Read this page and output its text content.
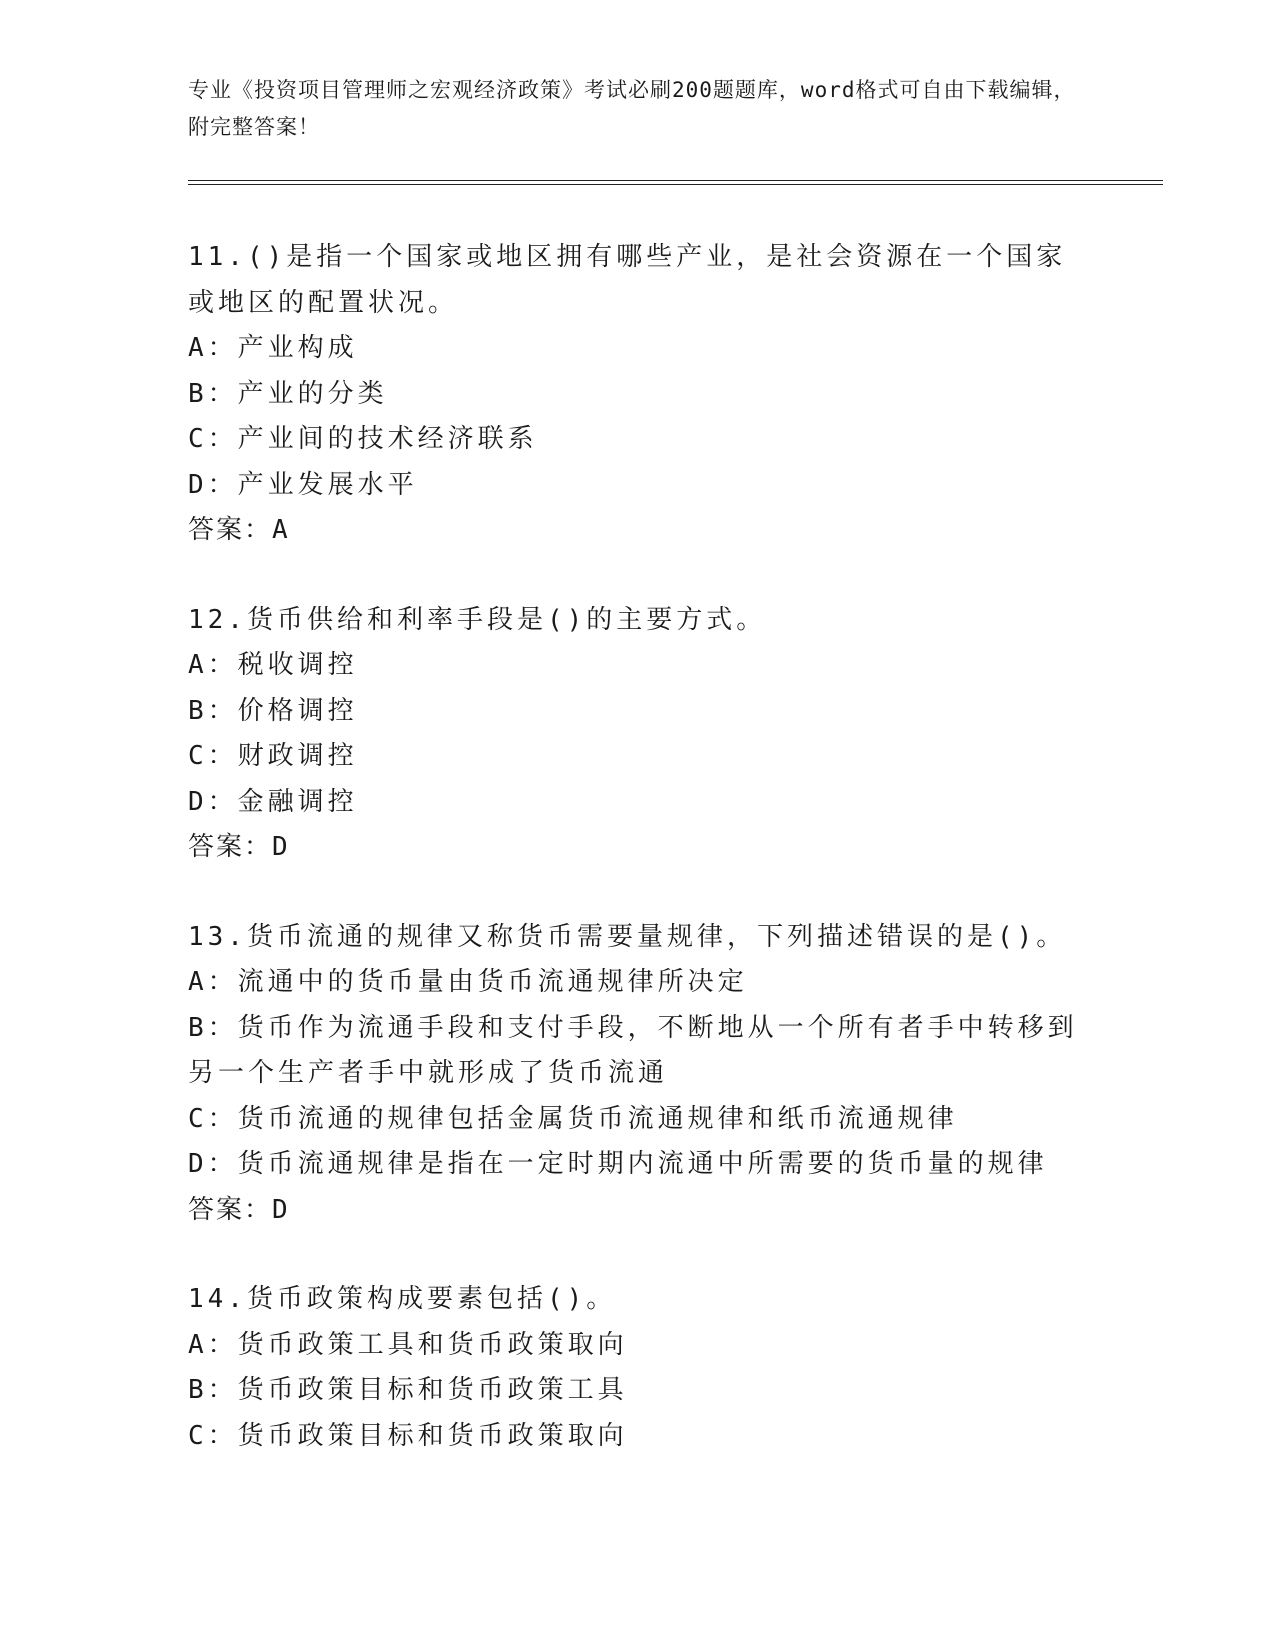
专业《投资项目管理师之宏观经济政策》考试必刷200题题库，word格式可自由下载编辑，附完整答案！

11.()是指一个国家或地区拥有哪些产业，是社会资源在一个国家或地区的配置状况。

A：产业构成

B：产业的分类

C：产业间的技术经济联系

D：产业发展水平

答案：A

12.货币供给和利率手段是()的主要方式。

A：税收调控

B：价格调控

C：财政调控

D：金融调控

答案：D

13.货币流通的规律又称货币需要量规律，下列描述错误的是()。

A：流通中的货币量由货币流通规律所决定

B：货币作为流通手段和支付手段，不断地从一个所有者手中转移到另一个生产者手中就形成了货币流通

C：货币流通的规律包括金属货币流通规律和纸币流通规律

D：货币流通规律是指在一定时期内流通中所需要的货币量的规律

答案：D

14.货币政策构成要素包括()。

A：货币政策工具和货币政策取向

B：货币政策目标和货币政策工具

C：货币政策目标和货币政策取向
